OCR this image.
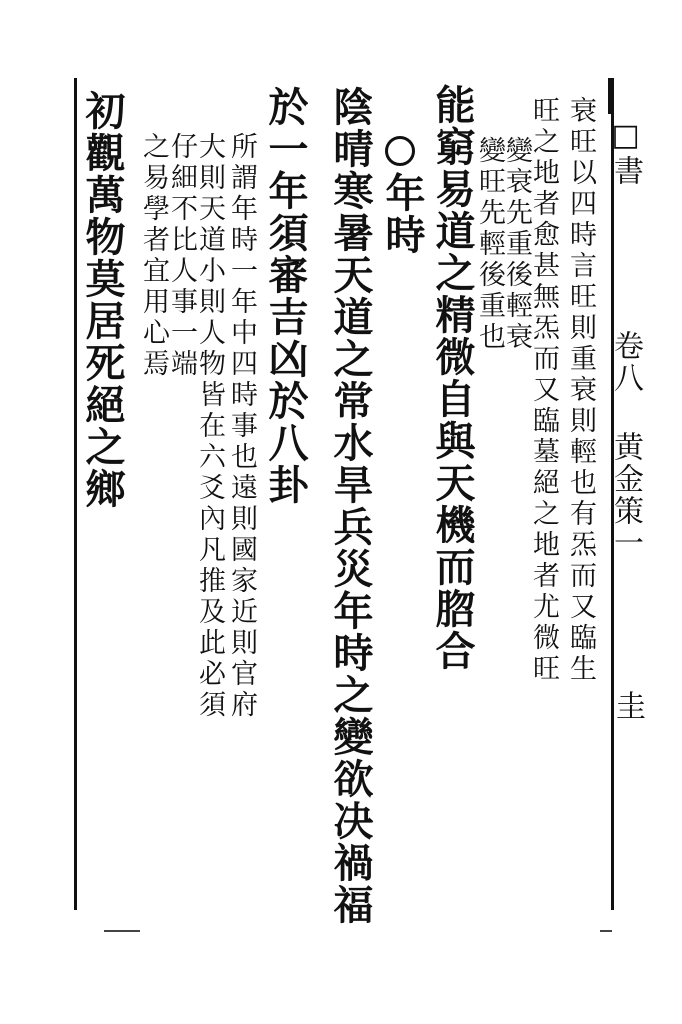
□書
卷八 黄金策一
圭
衰旺以四時言旺則重衰則輕也有炁而又臨生
旺之地者愈甚無炁而又臨墓絕之地者尤微旺
變衰先重後輕衰
變旺先輕後重也
能窮易道之精微自與天機而脗合
年時
陰晴寒暑天道之常水旱兵災年時之變欲决禍福
於一年須審吉凶於八卦
所謂年時一年中四時事也遠則國家近則官府
大則天道小則人物皆在六爻內凡推及此必須
仔細不比人事一端
之易學者宜用心焉
初觀萬物莫居死絕之鄉
